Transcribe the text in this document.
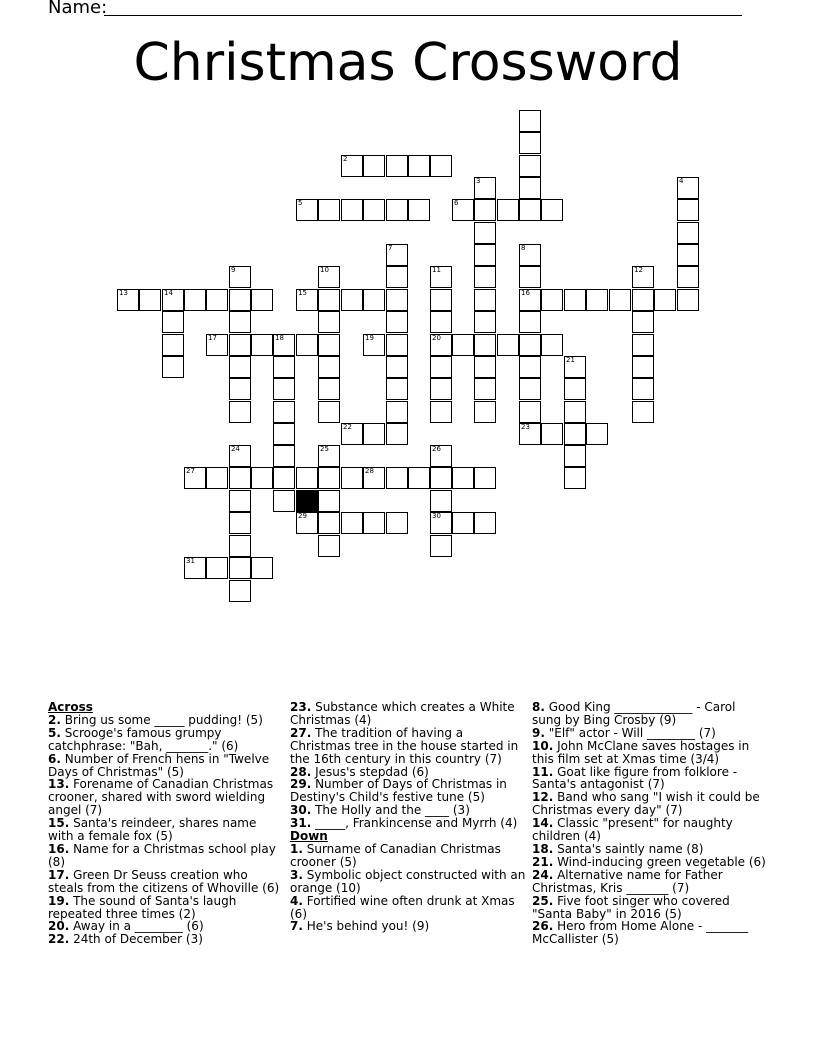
Name:
Christmas Crossword
2
3	4
5	6
7	8
9	10	11	12
13	14	15	16
17	18	19	20
21
22	23
24	25	26
27	28
29	30
31
Across
2. Bring us some _____ pudding! (5)
5. Scrooge's famous grumpy catchphrase: "Bah, _______." (6)
6. Number of French hens in "Twelve Days of Christmas" (5)
13. Forename of Canadian Christmas crooner, shared with sword wielding angel (7)
15. Santa's reindeer, shares name with a female fox (5)
16. Name for a Christmas school play (8)
17. Green Dr Seuss creation who steals from the citizens of Whoville (6)
19. The sound of Santa's laugh repeated three times (2)
20. Away in a ________ (6)
22. 24th of December (3)
23. Substance which creates a White Christmas (4)
27. The tradition of having a Christmas tree in the house started in the 16th century in this country (7)
28. Jesus's stepdad (6)
29. Number of Days of Christmas in Destiny's Child's festive tune (5)
30. The Holly and the ____ (3)
31. _____, Frankincense and Myrrh (4)
Down
1. Surname of Canadian Christmas crooner (5)
3. Symbolic object constructed with an orange (10)
4. Fortified wine often drunk at Xmas (6)
7. He's behind you! (9)
8. Good King _____________ - Carol sung by Bing Crosby (9)
9. "Elf" actor - Will ________ (7)
10. John McClane saves hostages in this film set at Xmas time (3/4)
11. Goat like figure from folklore - Santa's antagonist (7)
12. Band who sang "I wish it could be Christmas every day" (7)
14. Classic "present" for naughty children (4)
18. Santa's saintly name (8)
21. Wind-inducing green vegetable (6)
24. Alternative name for Father Christmas, Kris _______ (7)
25. Five foot singer who covered "Santa Baby" in 2016 (5)
26. Hero from Home Alone - _______ McCallister (5)
